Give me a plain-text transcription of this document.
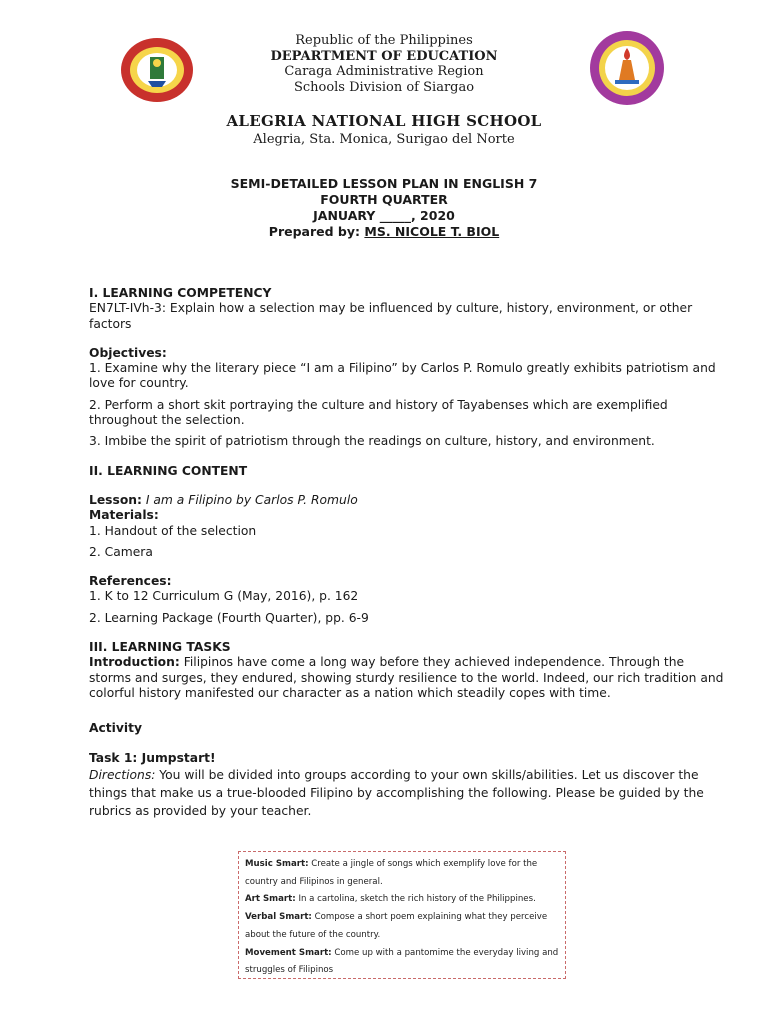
Republic of the Philippines
DEPARTMENT OF EDUCATION
Caraga Administrative Region
Schools Division of Siargao
ALEGRIA NATIONAL HIGH SCHOOL
Alegria, Sta. Monica, Surigao del Norte
SEMI-DETAILED LESSON PLAN IN ENGLISH 7
FOURTH QUARTER
JANUARY _____, 2020
Prepared by: MS. NICOLE T. BIOL

I. LEARNING COMPETENCY

EN7LT-IVh-3: Explain how a selection may be influenced by culture, history, environment, or other factors

Objectives:

1. Examine why the literary piece “I am a Filipino” by Carlos P. Romulo greatly exhibits patriotism and love for country.

2. Perform a short skit portraying the culture and history of Tayabenses which are exemplified throughout the selection.

3. Imbibe the spirit of patriotism through the readings on culture, history, and environment.

II. LEARNING CONTENT

Lesson: I am a Filipino by Carlos P. Romulo

Materials:

1. Handout of the selection

2. Camera

References:

1. K to 12 Curriculum G (May, 2016), p. 162

2. Learning Package (Fourth Quarter), pp. 6-9

III. LEARNING TASKS

Introduction: Filipinos have come a long way before they achieved independence. Through the storms and surges, they endured, showing sturdy resilience to the world. Indeed, our rich tradition and colorful history manifested our character as a nation which steadily copes with time.

Activity

Task 1: Jumpstart!

Directions: You will be divided into groups according to your own skills/abilities. Let us discover the things that make us a true-blooded Filipino by accomplishing the following. Please be guided by the rubrics as provided by your teacher.

Music Smart: Create a jingle of songs which exemplify love for the country and Filipinos in general.
Art Smart: In a cartolina, sketch the rich history of the Philippines.
Verbal Smart: Compose a short poem explaining what they perceive about the future of the country.
Movement Smart: Come up with a pantomime the everyday living and struggles of Filipinos
